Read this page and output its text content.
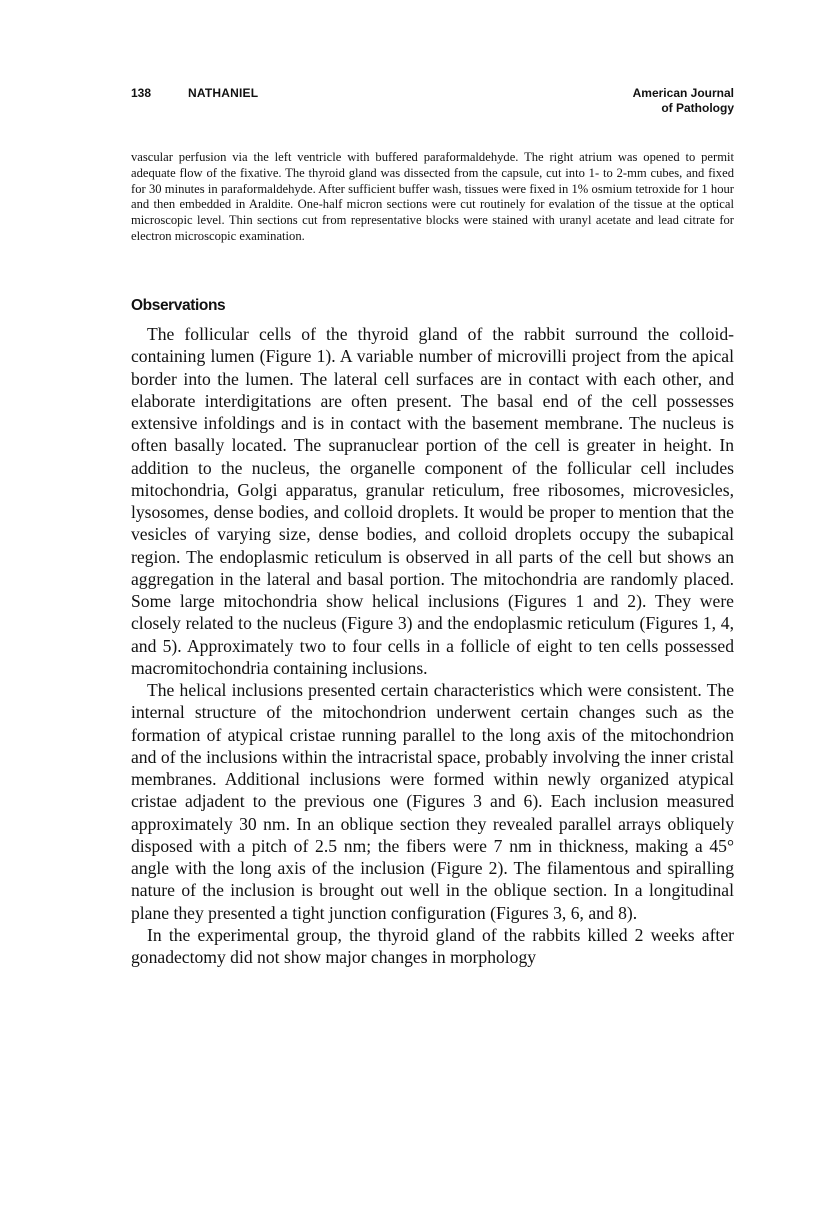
138	NATHANIEL	American Journal
of Pathology

vascular perfusion via the left ventricle with buffered paraformaldehyde. The right atrium was opened to permit adequate flow of the fixative. The thyroid gland was dissected from the capsule, cut into 1- to 2-mm cubes, and fixed for 30 minutes in paraformaldehyde. After sufficient buffer wash, tissues were fixed in 1% osmium tetroxide for 1 hour and then embedded in Araldite. One-half micron sections were cut routinely for evalation of the tissue at the optical microscopic level. Thin sections cut from representative blocks were stained with uranyl acetate and lead citrate for electron microscopic examination.

Observations

The follicular cells of the thyroid gland of the rabbit surround the colloid-containing lumen (Figure 1). A variable number of microvilli project from the apical border into the lumen. The lateral cell surfaces are in contact with each other, and elaborate interdigitations are often present. The basal end of the cell possesses extensive infoldings and is in contact with the basement membrane. The nucleus is often basally located. The supranuclear portion of the cell is greater in height. In addition to the nucleus, the organelle component of the follicular cell includes mitochondria, Golgi apparatus, granular reticulum, free ribosomes, microvesicles, lysosomes, dense bodies, and colloid droplets. It would be proper to mention that the vesicles of varying size, dense bodies, and colloid droplets occupy the subapical region. The endoplasmic reticulum is observed in all parts of the cell but shows an aggregation in the lateral and basal portion. The mitochondria are randomly placed. Some large mitochondria show helical inclusions (Figures 1 and 2). They were closely related to the nucleus (Figure 3) and the endoplasmic reticulum (Figures 1, 4, and 5). Approximately two to four cells in a follicle of eight to ten cells possessed macromitochondria containing inclusions.

The helical inclusions presented certain characteristics which were consistent. The internal structure of the mitochondrion underwent certain changes such as the formation of atypical cristae running parallel to the long axis of the mitochondrion and of the inclusions within the intracristal space, probably involving the inner cristal membranes. Additional inclusions were formed within newly organized atypical cristae adjadent to the previous one (Figures 3 and 6). Each inclusion measured approximately 30 nm. In an oblique section they revealed parallel arrays obliquely disposed with a pitch of 2.5 nm; the fibers were 7 nm in thickness, making a 45° angle with the long axis of the inclusion (Figure 2). The filamentous and spiralling nature of the inclusion is brought out well in the oblique section. In a longitudinal plane they presented a tight junction configuration (Figures 3, 6, and 8).

In the experimental group, the thyroid gland of the rabbits killed 2 weeks after gonadectomy did not show major changes in morphology
